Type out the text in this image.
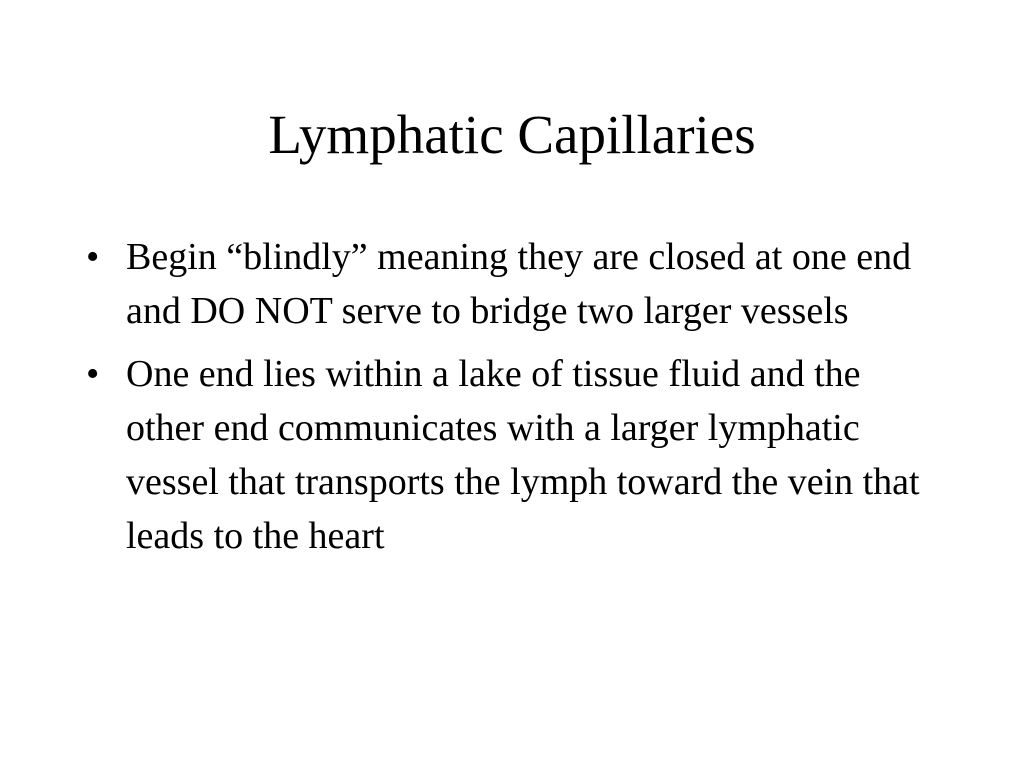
Lymphatic Capillaries
• Begin “blindly” meaning they are closed at one end and DO NOT serve to bridge two larger vessels
• One end lies within a lake of tissue fluid and the other end communicates with a larger lymphatic vessel that transports the lymph toward the vein that leads to the heart
